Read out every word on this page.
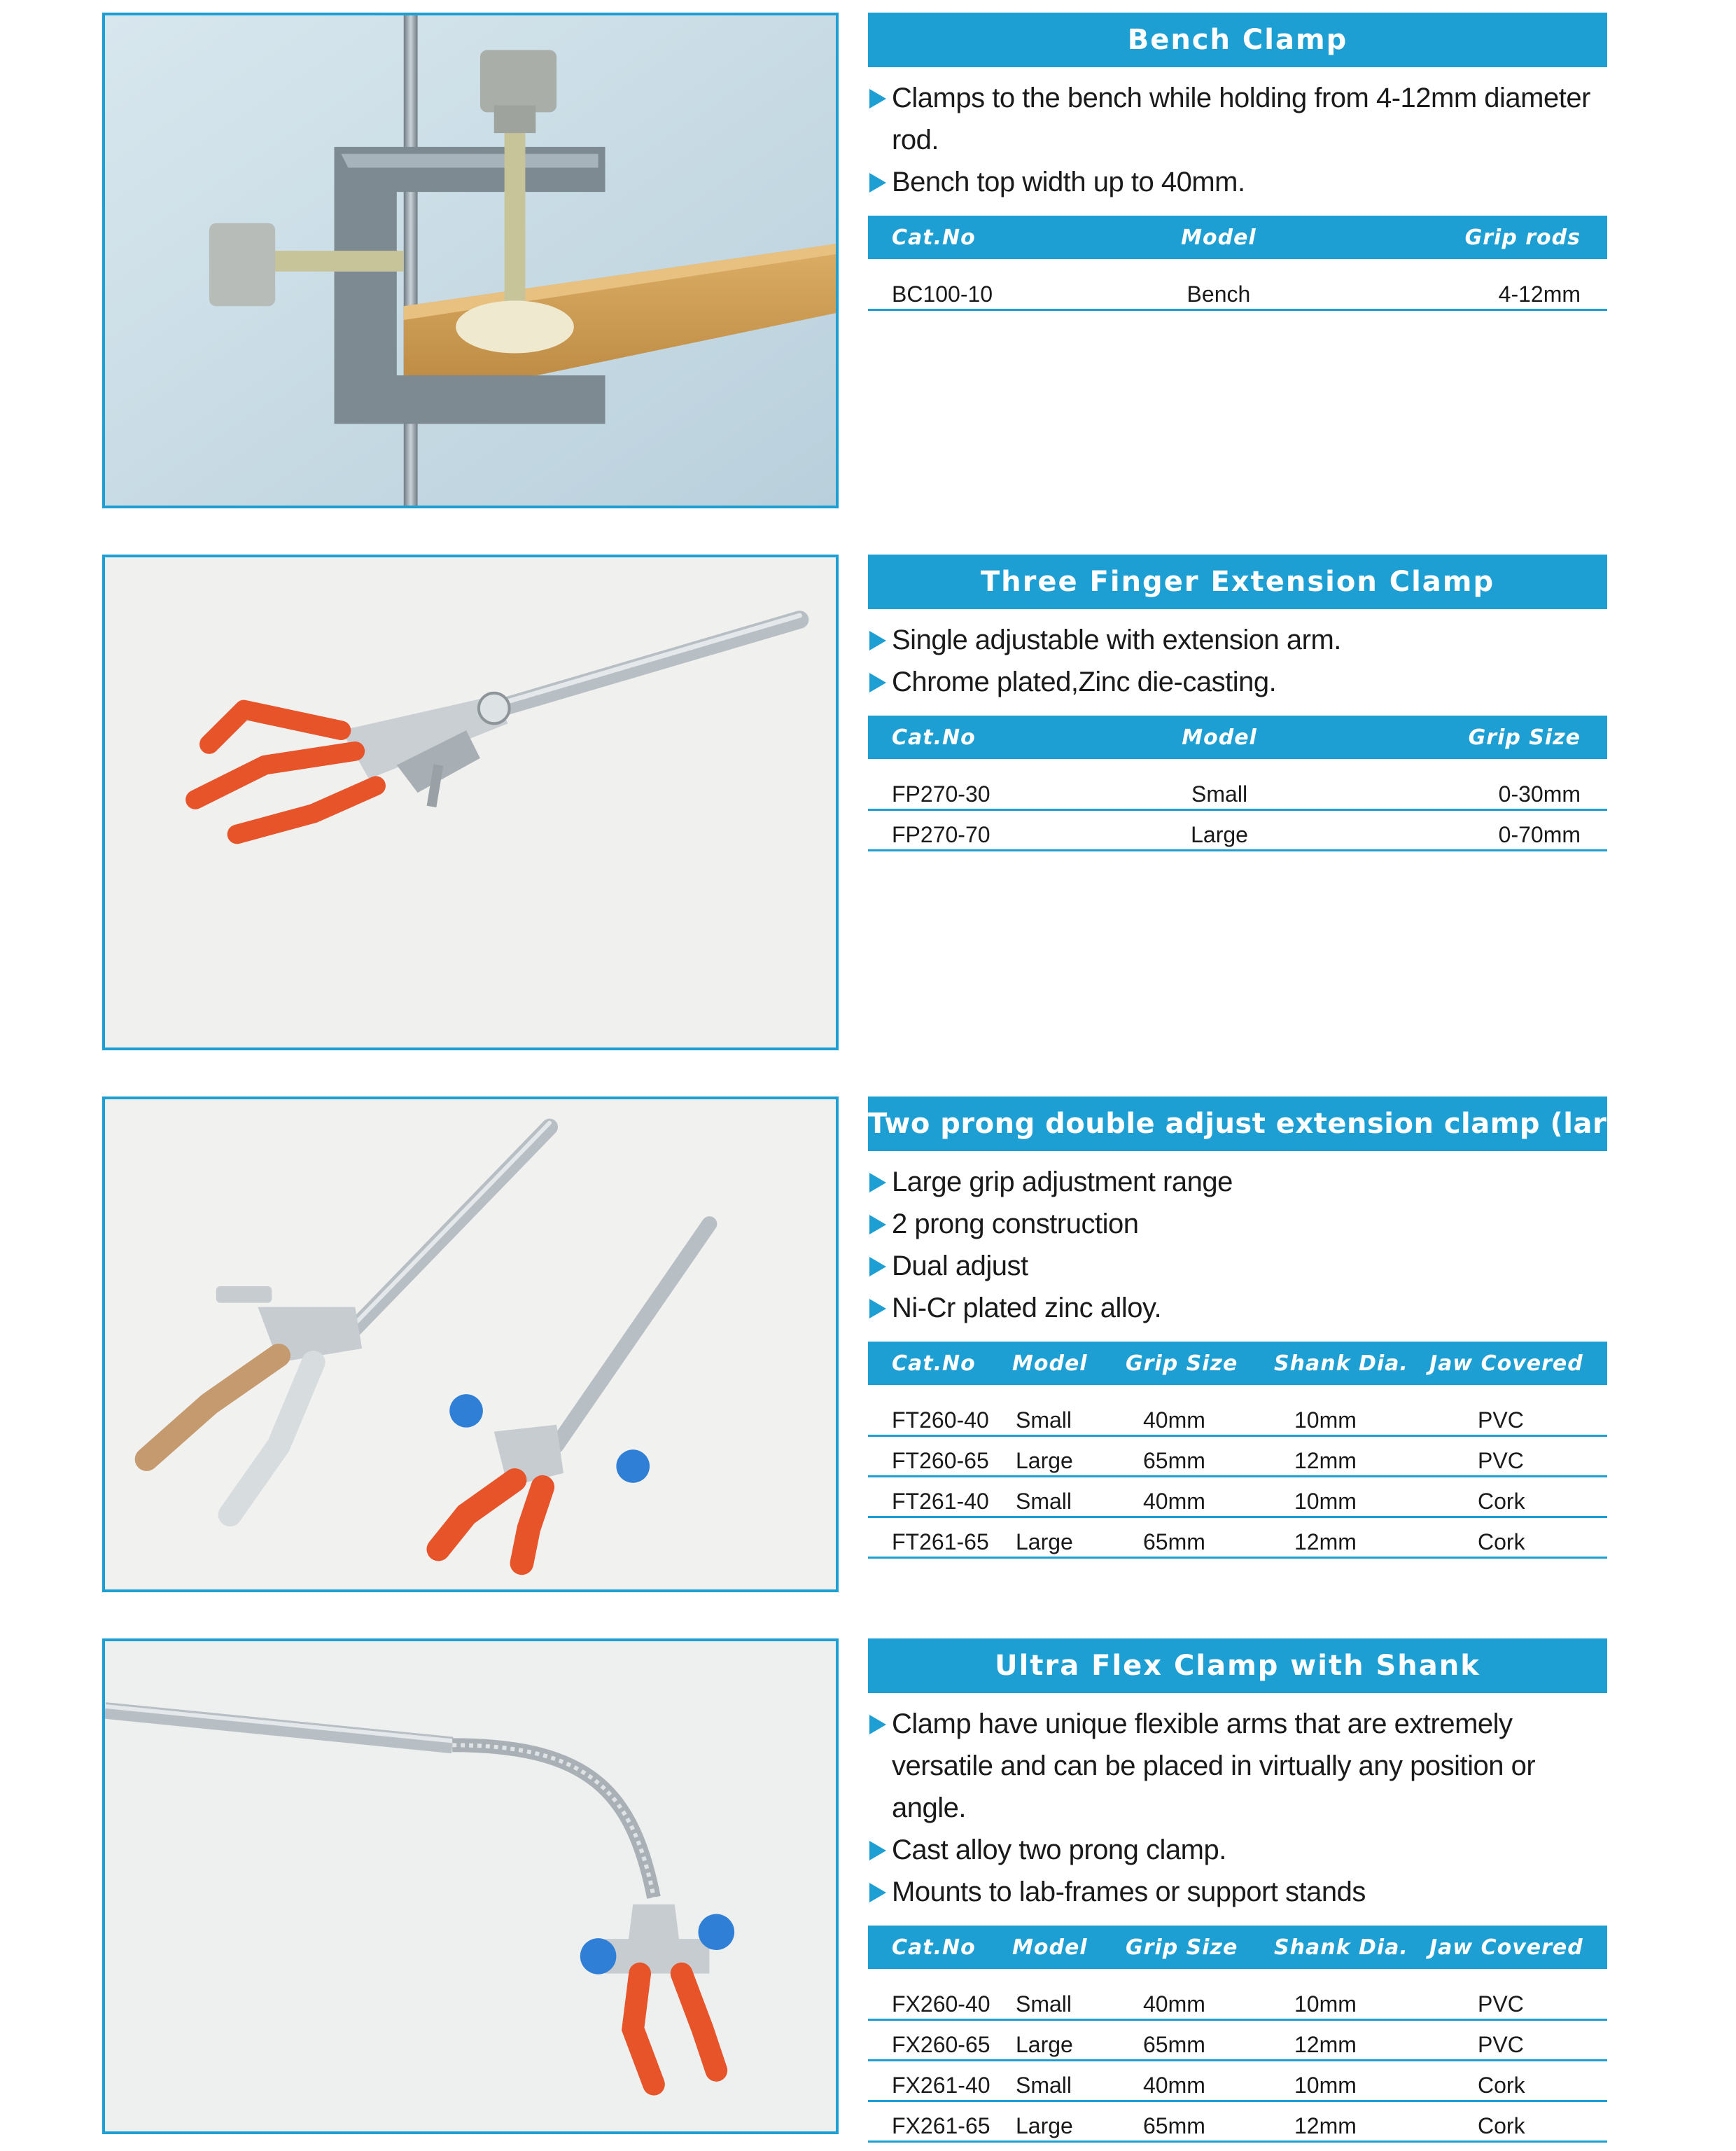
Bench Clamp
Clamps to the bench while holding from 4-12mm diameter rod.
Bench top width up to 40mm.
Cat.No	Model	Grip rods

BC100-10	Bench	4-12mm
Three Finger Extension Clamp
Single adjustable with extension arm.
Chrome plated,Zinc die-casting.
Cat.No	Model	Grip Size

FP270-30	Small	0-30mm
FP270-70	Large	0-70mm
Two prong double adjust extension clamp (large )
Large grip adjustment range
2 prong construction
Dual adjust
Ni-Cr plated zinc alloy.
Cat.No	Model	Grip Size	Shank Dia.	Jaw Covered

FT260-40	Small	40mm	10mm	PVC
FT260-65	Large	65mm	12mm	PVC
FT261-40	Small	40mm	10mm	Cork
FT261-65	Large	65mm	12mm	Cork
Ultra Flex Clamp with Shank
Clamp have unique flexible arms that are extremely versatile and can be placed in virtually any position or angle.
Cast alloy two prong clamp.
Mounts to lab-frames or support stands
Cat.No	Model	Grip Size	Shank Dia.	Jaw Covered

FX260-40	Small	40mm	10mm	PVC
FX260-65	Large	65mm	12mm	PVC
FX261-40	Small	40mm	10mm	Cork
FX261-65	Large	65mm	12mm	Cork
